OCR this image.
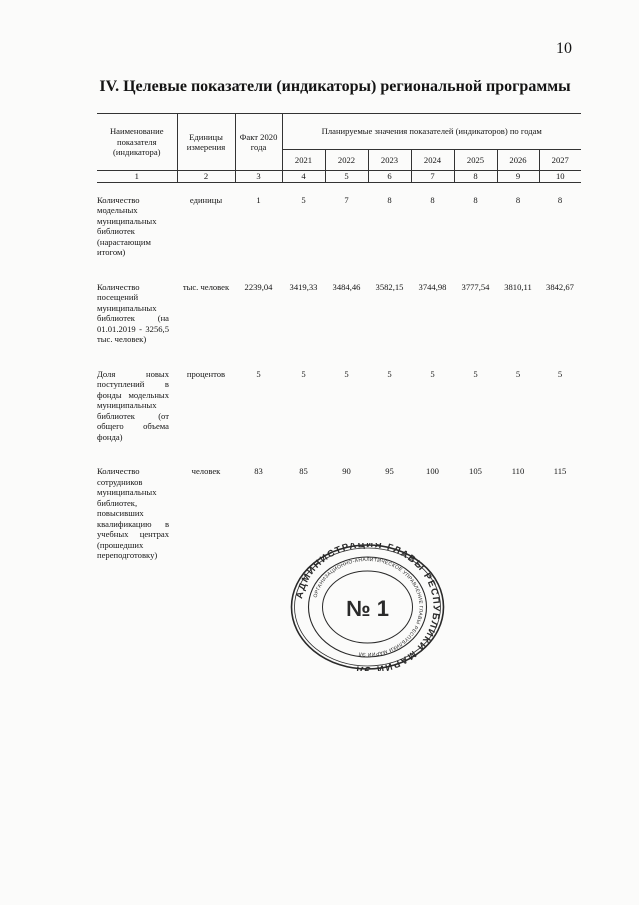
10
IV. Целевые показатели (индикаторы) региональной программы
Наименование показателя (индикатора)	Единицы измерения	Факт 2020 года	Планируемые значения показателей (индикаторов) по годам						
			2021	2022	2023	2024	2025	2026	2027
1	2	3	4	5	6	7	8	9	10
Количество модельных муниципальных библиотек (нарастающим итогом)	единицы	1	5	7	8	8	8	8	8
Количество посещений муниципальных библиотек (на 01.01.2019 - 3256,5 тыс. человек)	тыс. человек	2239,04	3419,33	3484,46	3582,15	3744,98	3777,54	3810,11	3842,67
Доля новых поступлений в фонды модельных муниципальных библиотек (от общего объема фонда)	процентов	5	5	5	5	5	5	5	5
Количество сотрудников муниципальных библиотек, повысивших квалификацию в учебных центрах (прошедших переподготовку)	человек	83	85	90	95	100	105	110	115
АДМИНИСТРАЦИЯ ГЛАВЫ РЕСПУБЛИКИ МАРИЙ ЭЛ
ОРГАНИЗАЦИОННО-АНАЛИТИЧЕСКОЕ УПРАВЛЕНИЕ ГЛАВЫ РЕСПУБЛИКИ МАРИЙ ЭЛ
№ 1
